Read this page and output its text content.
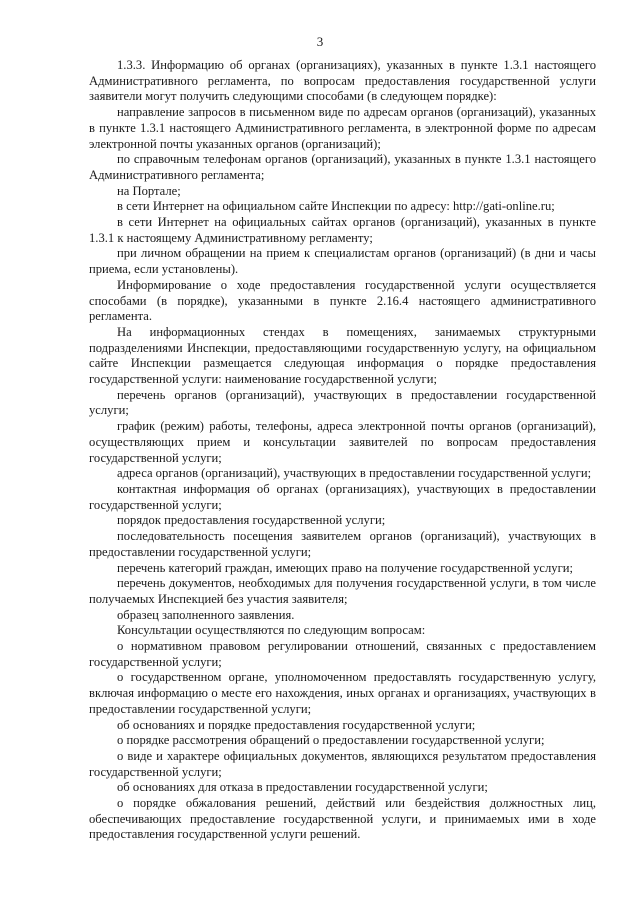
3

1.3.3. Информацию об органах (организациях), указанных в пункте 1.3.1 настоящего Административного регламента, по вопросам предоставления государственной услуги заявители могут получить следующими способами (в следующем порядке):

направление запросов в письменном виде по адресам органов (организаций), указанных в пункте 1.3.1 настоящего Административного регламента, в электронной форме по адресам электронной почты указанных органов (организаций);

по справочным телефонам органов (организаций), указанных в пункте 1.3.1 настоящего Административного регламента;

на Портале;

в сети Интернет на официальном сайте Инспекции по адресу: http://gati-online.ru;

в сети Интернет на официальных сайтах органов (организаций), указанных в пункте 1.3.1 к настоящему Административному регламенту;

при личном обращении на прием к специалистам органов (организаций) (в дни и часы приема, если установлены).

Информирование о ходе предоставления государственной услуги осуществляется способами (в порядке), указанными в пункте 2.16.4 настоящего административного регламента.

На информационных стендах в помещениях, занимаемых структурными подразделениями Инспекции, предоставляющими государственную услугу, на официальном сайте Инспекции размещается следующая информация о порядке предоставления государственной услуги: наименование государственной услуги;

перечень органов (организаций), участвующих в предоставлении государственной услуги;

график (режим) работы, телефоны, адреса электронной почты органов (организаций), осуществляющих прием и консультации заявителей по вопросам предоставления государственной услуги;

адреса органов (организаций), участвующих в предоставлении государственной услуги;

контактная информация об органах (организациях), участвующих в предоставлении государственной услуги;

порядок предоставления государственной услуги;

последовательность посещения заявителем органов (организаций), участвующих в предоставлении государственной услуги;

перечень категорий граждан, имеющих право на получение государственной услуги;

перечень документов, необходимых для получения государственной услуги, в том числе получаемых Инспекцией без участия заявителя;

образец заполненного заявления.

Консультации осуществляются по следующим вопросам:

о нормативном правовом регулировании отношений, связанных с предоставлением государственной услуги;

о государственном органе, уполномоченном предоставлять государственную услугу, включая информацию о месте его нахождения, иных органах и организациях, участвующих в предоставлении государственной услуги;

об основаниях и порядке предоставления государственной услуги;

о порядке рассмотрения обращений о предоставлении государственной услуги;

о виде и характере официальных документов, являющихся результатом предоставления государственной услуги;

об основаниях для отказа в предоставлении государственной услуги;

о порядке обжалования решений, действий или бездействия должностных лиц, обеспечивающих предоставление государственной услуги, и принимаемых ими в ходе предоставления государственной услуги решений.
